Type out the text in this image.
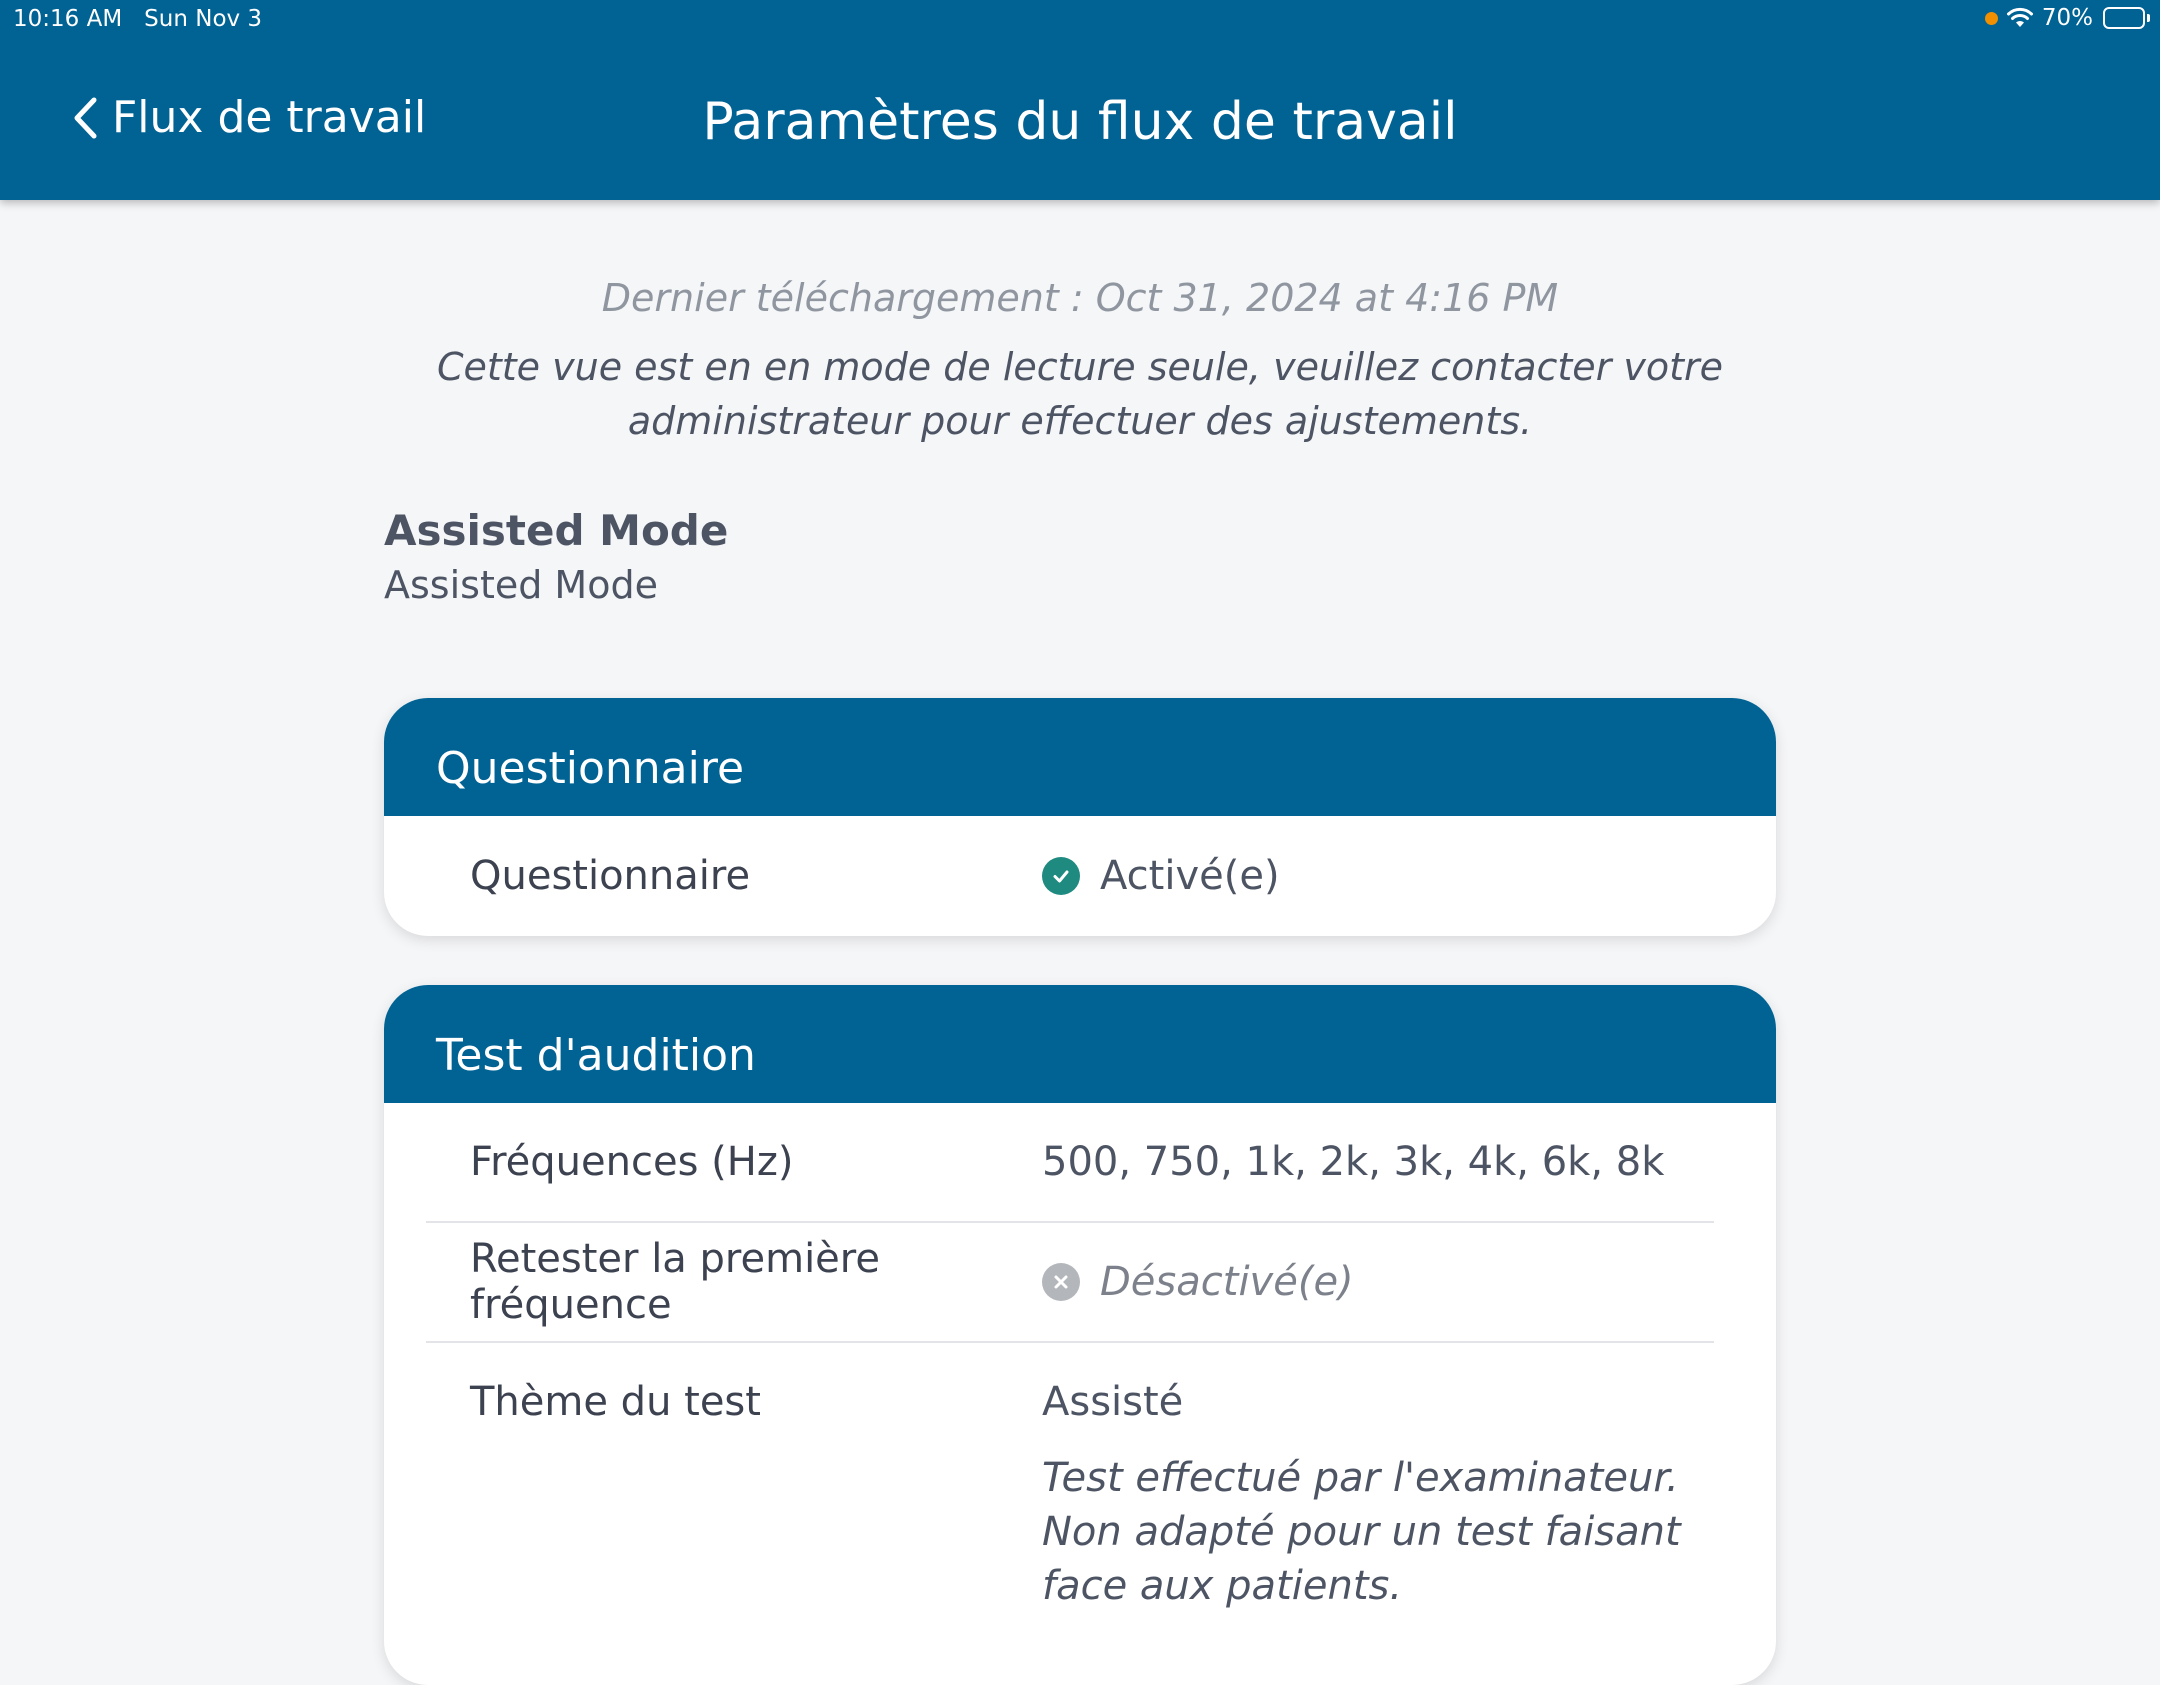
10:16 AM Sun Nov 3	70%
Flux de travail	Paramètres du flux de travail
Dernier téléchargement : Oct 31, 2024 at 4:16 PM
Cette vue est en en mode de lecture seule, veuillez contacter votre
administrateur pour effectuer des ajustements.
Assisted Mode
Assisted Mode
Questionnaire
Questionnaire	Activé(e)
Test d'audition
Fréquences (Hz)	500, 750, 1k, 2k, 3k, 4k, 6k, 8k
Retester la première fréquence	Désactivé(e)
Thème du test	Assisté
Test effectué par l'examinateur.
Non adapté pour un test faisant
face aux patients.
